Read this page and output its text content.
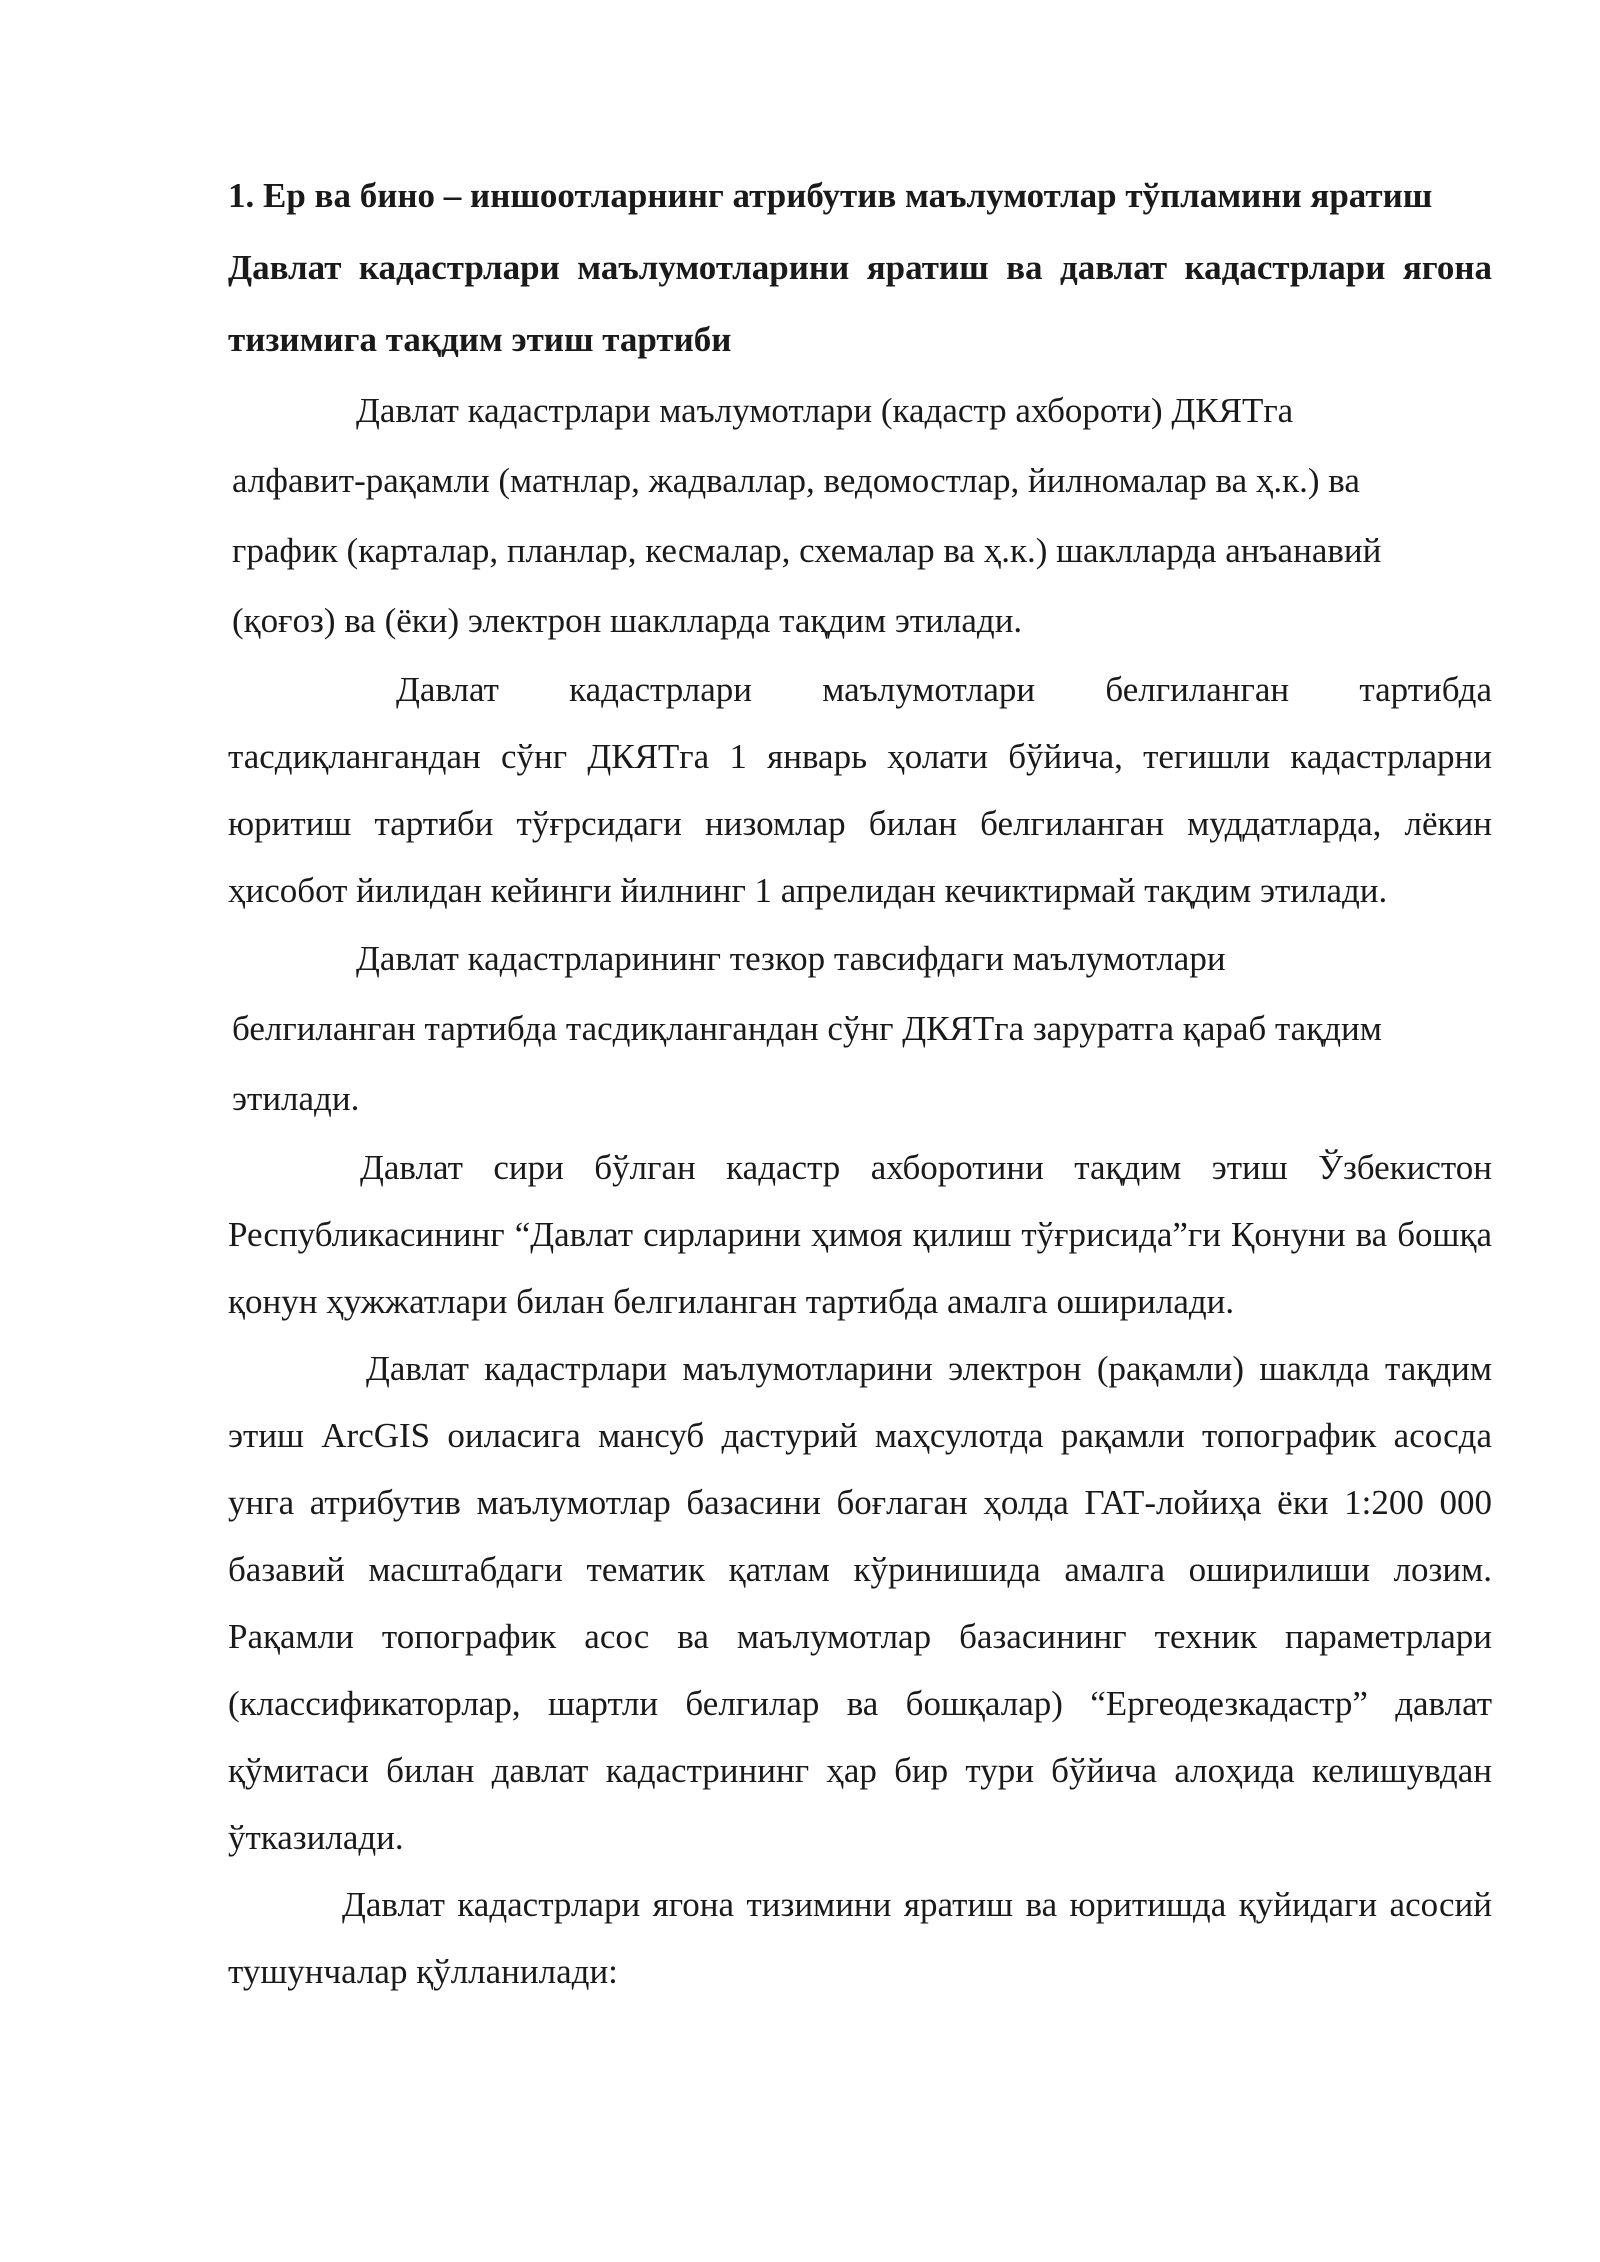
1. Ер ва бино – иншоотларнинг атрибутив маълумотлар тўпламини яратиш

Давлат кадастрлари маълумотларини яратиш ва давлат кадастрлари ягона тизимига тақдим этиш тартиби

Давлат кадастрлари маълумотлари (кадастр ахбороти) ДКЯТга
алфавит-рақамли (матнлар, жадваллар, ведомостлар, йилномалар ва ҳ.к.) ва график (карталар, планлар, кесмалар, схемалар ва ҳ.к.) шаклларда анъанавий (қоғоз) ва (ёки) электрон шаклларда тақдим этилади.

Давлат кадастрлари маълумотлари белгиланган тартибда тасдиқлангандан сўнг ДКЯТга 1 январь ҳолати бўйича, тегишли кадастрларни юритиш тартиби тўғрсидаги низомлар билан белгиланган муддатларда, лёкин ҳисобот йилидан кейинги йилнинг 1 апрелидан кечиктирмай тақдим этилади.

Давлат кадастрларининг тезкор тавсифдаги маълумотлари
белгиланган тартибда тасдиқлангандан сўнг ДКЯТга заруратга қараб тақдим этилади.

Давлат сири бўлган кадастр ахборотини тақдим этиш Ўзбекистон Республикасининг “Давлат сирларини ҳимоя қилиш тўғрисида”ги Қонуни ва бошқа қонун ҳужжатлари билан белгиланган тартибда амалга оширилади.

Давлат кадастрлари маълумотларини электрон (рақамли) шаклда тақдим этиш ArcGIS оиласига мансуб дастурий маҳсулотда рақамли топографик асосда унга атрибутив маълумотлар базасини боғлаган ҳолда ГАТ-лойиҳа ёки 1:200 000 базавий масштабдаги тематик қатлам кўринишида амалга оширилиши лозим. Рақамли топографик асос ва маълумотлар базасининг техник параметрлари (классификаторлар, шартли белгилар ва бошқалар) “Ергеодезкадастр” давлат қўмитаси билан давлат кадастрининг ҳар бир тури бўйича алоҳида келишувдан ўтказилади.

Давлат кадастрлари ягона тизимини яратиш ва юритишда қуйидаги асосий тушунчалар қўлланилади:
